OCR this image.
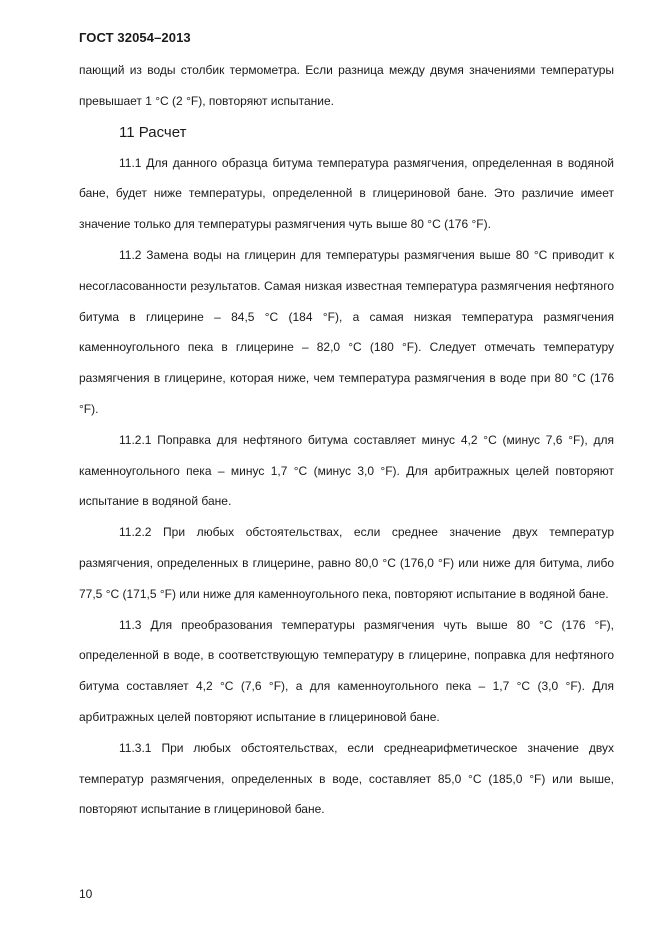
ГОСТ 32054–2013

пающий из воды столбик термометра. Если разница между двумя значениями температуры превышает 1 °С (2 °F), повторяют испытание.

11 Расчет

11.1 Для данного образца битума температура размягчения, определенная в водяной бане, будет ниже температуры, определенной в глицериновой бане. Это различие имеет значение только для температуры размягчения чуть выше 80 °С (176 °F).

11.2 Замена воды на глицерин для температуры размягчения выше 80 °С приводит к несогласованности результатов. Самая низкая известная температура размягчения нефтяного битума в глицерине – 84,5 °С (184 °F), а самая низкая температура размягчения каменноугольного пека в глицерине – 82,0 °С (180 °F). Следует отмечать температуру размягчения в глицерине, которая ниже, чем температура размягчения в воде при 80 °С (176 °F).

11.2.1 Поправка для нефтяного битума составляет минус 4,2 °С (минус 7,6 °F), для каменноугольного пека – минус 1,7 °С (минус 3,0 °F). Для арбитражных целей повторяют испытание в водяной бане.

11.2.2 При любых обстоятельствах, если среднее значение двух температур размягчения, определенных в глицерине, равно 80,0 °С (176,0 °F) или ниже для битума, либо 77,5 °С (171,5 °F) или ниже для каменноугольного пека, повторяют испытание в водяной бане.

11.3 Для преобразования температуры размягчения чуть выше 80 °С (176 °F), определенной в воде, в соответствующую температуру в глицерине, поправка для нефтяного битума составляет 4,2 °С (7,6 °F), а для каменноугольного пека – 1,7 °С (3,0 °F). Для арбитражных целей повторяют испытание в глицериновой бане.

11.3.1 При любых обстоятельствах, если среднеарифметическое значение двух температур размягчения, определенных в воде, составляет 85,0 °С (185,0 °F) или выше, повторяют испытание в глицериновой бане.

10
